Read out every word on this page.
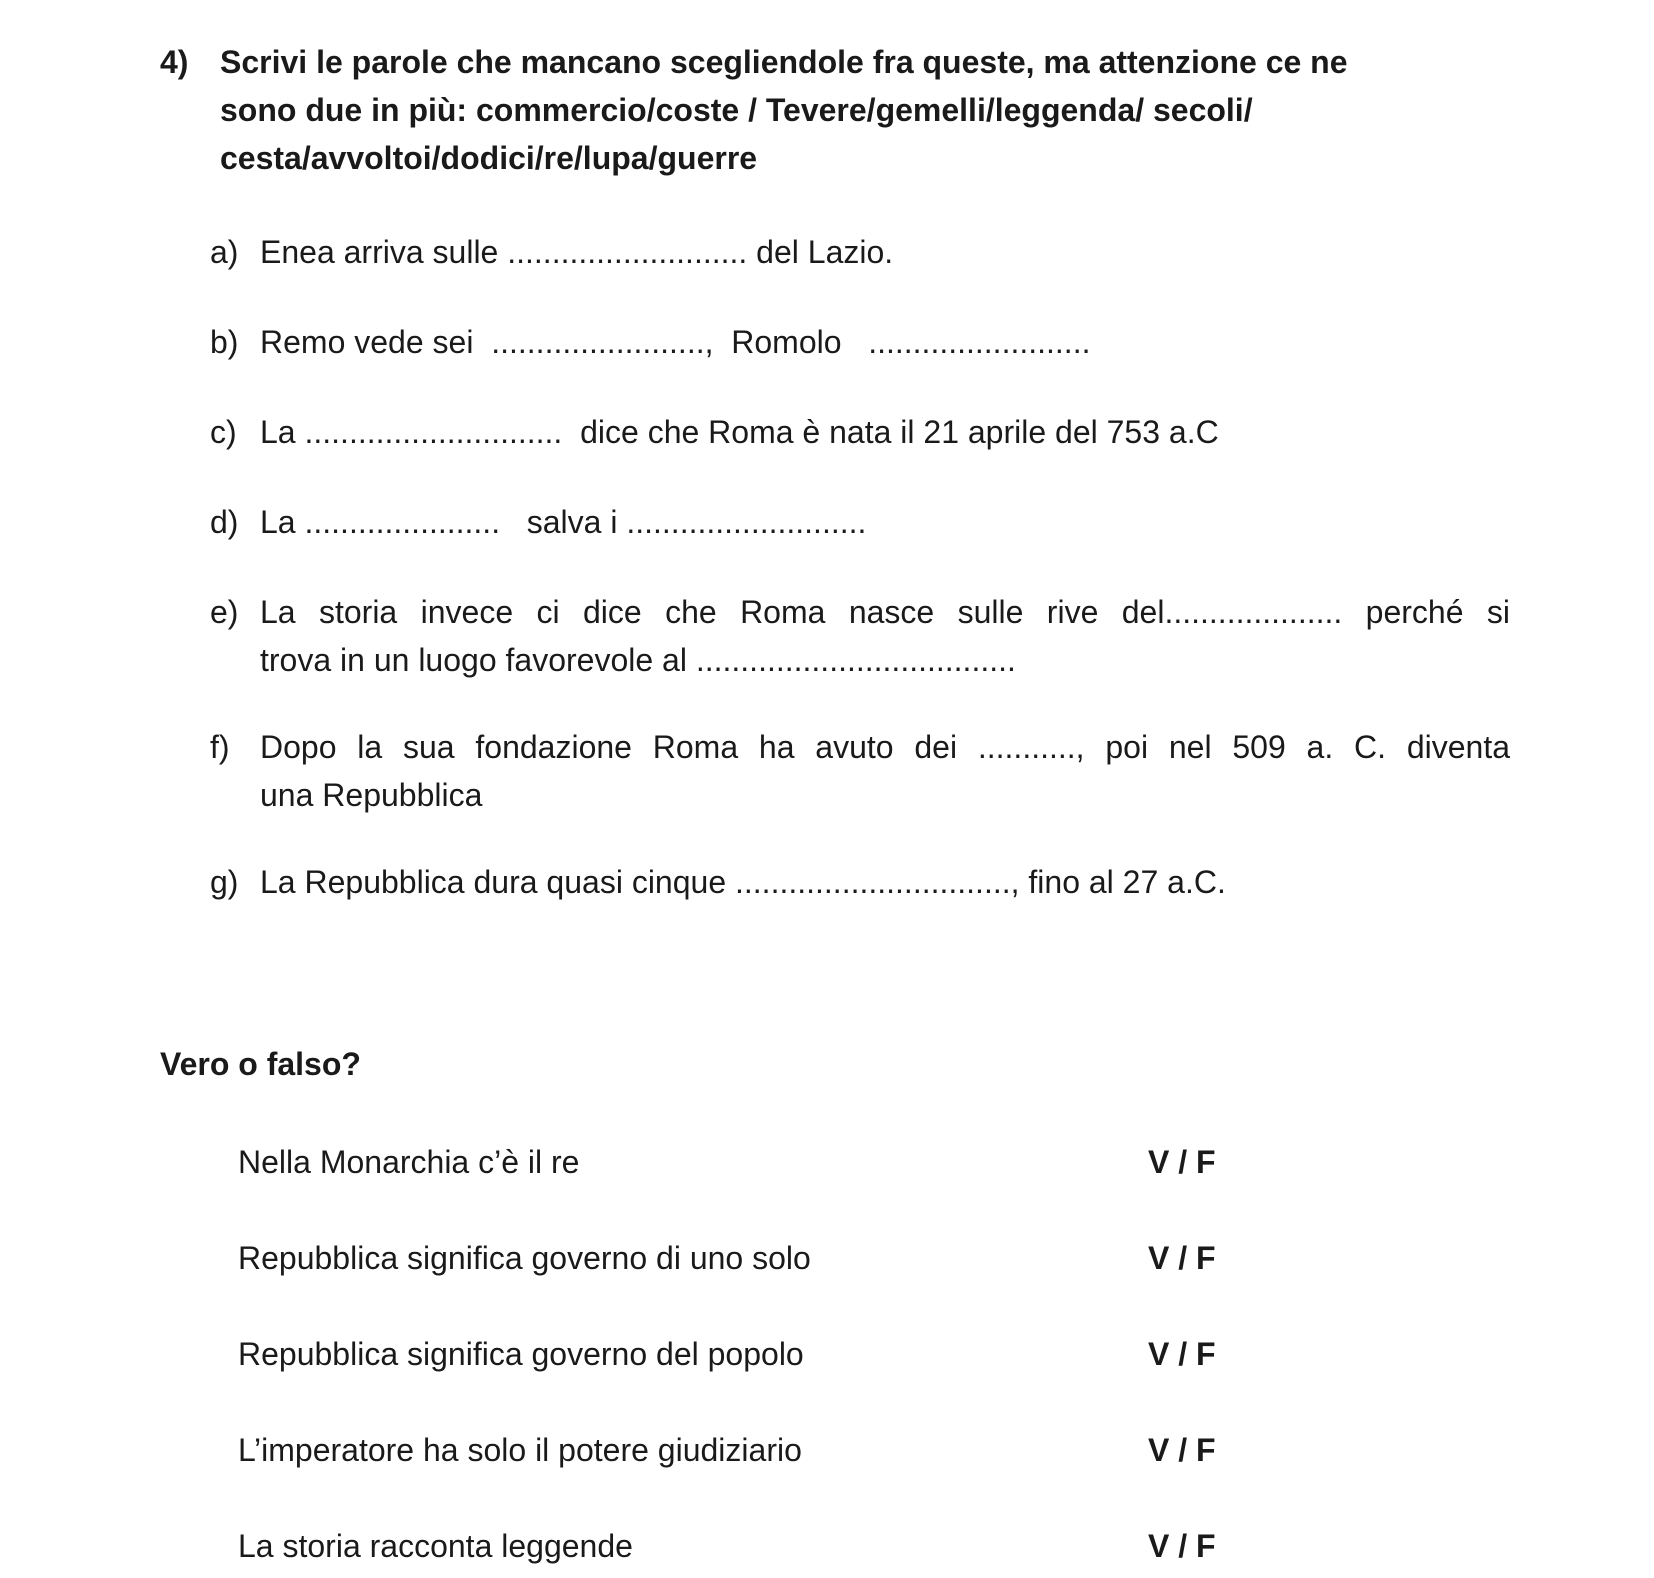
4) Scrivi le parole che mancano scegliendole fra queste, ma attenzione ce ne
sono due in più: commercio/coste / Tevere/gemelli/leggenda/ secoli/
cesta/avvoltoi/dodici/re/lupa/guerre
a) Enea arriva sulle ........................... del Lazio.
b) Remo vede sei  ........................,  Romolo   .........................
c) La .............................  dice che Roma è nata il 21 aprile del 753 a.C
d) La ......................   salva i ...........................
e) La storia invece ci dice che Roma nasce sulle rive del.................... perché si
trova in un luogo favorevole al ....................................
f) Dopo la sua fondazione Roma ha avuto dei ..........., poi nel 509 a. C. diventa
una Repubblica
g) La Repubblica dura quasi cinque ..............................., fino al 27 a.C.
Vero o falso?
Nella Monarchia c’è il re	V / F
Repubblica significa governo di uno solo	V / F
Repubblica significa governo del popolo	V / F
L’imperatore ha solo il potere giudiziario	V / F
La storia racconta leggende	V / F
